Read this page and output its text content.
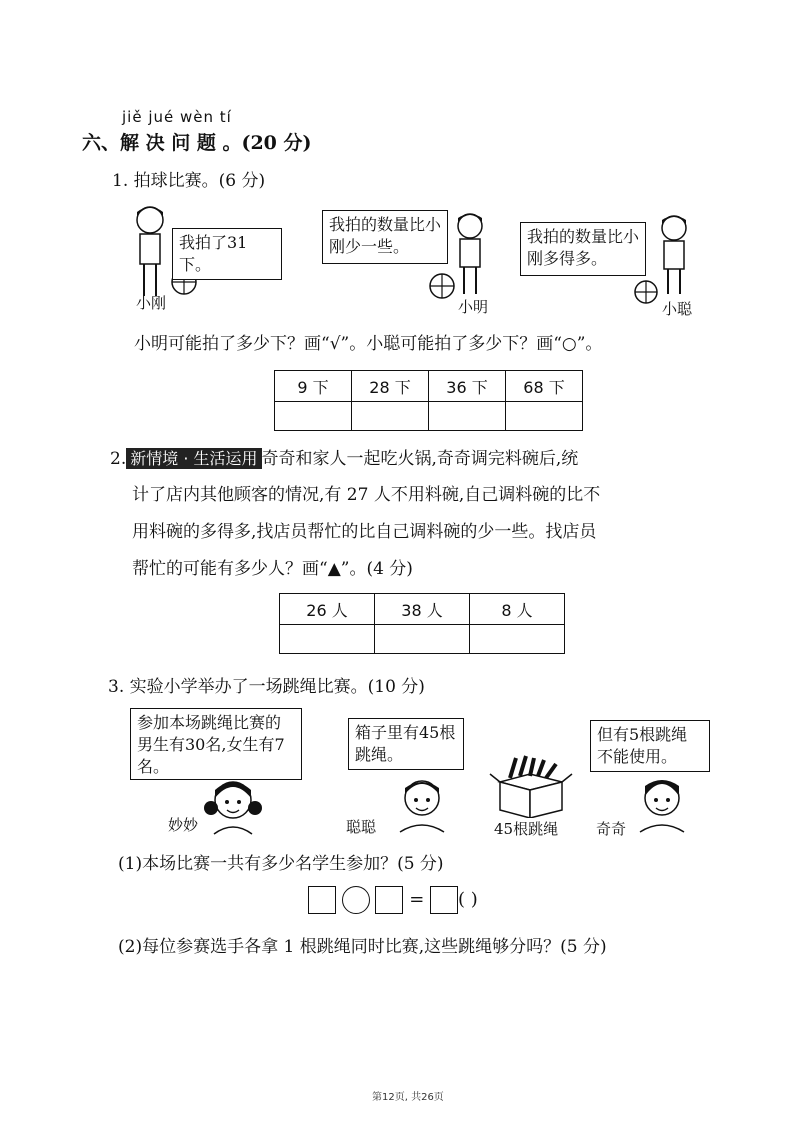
jiě jué wèn tí
六、解 决 问 题 。(20 分)
1. 拍球比赛。(6 分)
我拍了31下。
小刚
我拍的数量比小刚少一些。
小明
我拍的数量比小刚多得多。
小聪
小明可能拍了多少下？画“√”。小聪可能拍了多少下？画“○”。
9 下	28 下	36 下	68 下

2. 新情境 · 生活运用 奇奇和家人一起吃火锅,奇奇调完料碗后,统
计了店内其他顾客的情况,有 27 人不用料碗,自己调料碗的比不
用料碗的多得多,找店员帮忙的比自己调料碗的少一些。找店员
帮忙的可能有多少人？画“▲”。(4 分)
26 人	38 人	8 人

3. 实验小学举办了一场跳绳比赛。(10 分)
参加本场跳绳比赛的男生有30名,女生有7名。
箱子里有45根跳绳。
但有5根跳绳不能使用。
妙妙	聪聪	45根跳绳	奇奇
(1)本场比赛一共有多少名学生参加？(5 分)
= ( )
(2)每位参赛选手各拿 1 根跳绳同时比赛,这些跳绳够分吗？(5 分)
第12页, 共26页
